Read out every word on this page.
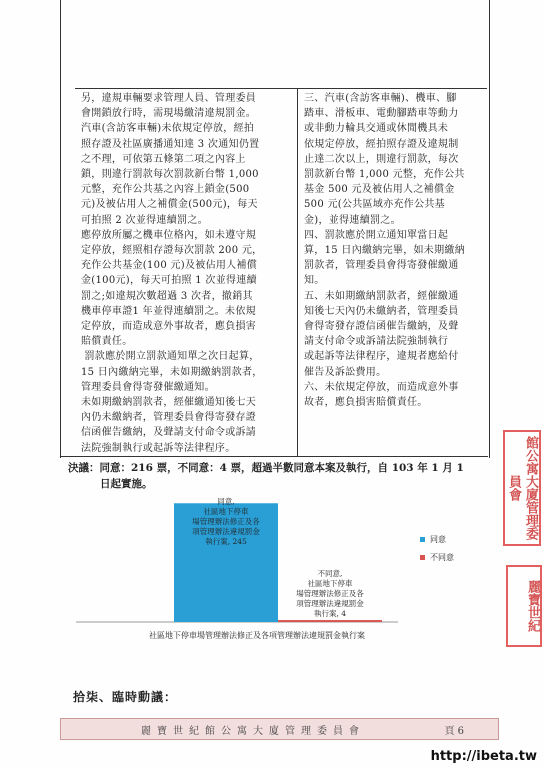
另，違規車輛要求管理人員、管理委員
會開鎖放行時，需現場繳清違規罰金。
汽車(含訪客車輛)未依規定停放，經拍
照存證及社區廣播通知達 3 次通知仍置
之不理，可依第五條第二項之內容上
鎖，則違行罰款每次罰款新台幣 1,000
元整，充作公共基之內容上鎖金(500
元)及被佔用人之補償金(500元)，每天
可拍照 2 次並得連續罰之。
應停放所屬之機車位格內，如未遵守規
定停放，經照相存證每次罰款 200 元，
充作公共基金(100 元)及被佔用人補償
金(100元)，每天可拍照 1 次並得連續
罰之;如違規次數超過 3 次者，撤銷其
機車停車證1 年並得連續罰之。未依規
定停放，而造成意外事故者，應負損害
賠償責任。
罰款應於開立罰款通知單之次日起算，
15 日內繳納完畢，未如期繳納罰款者，
管理委員會得寄發催繳通知。
未如期繳納罰款者，經催繳通知後七天
內仍未繳納者，管理委員會得寄發存證
信函催告繳納，及聲請支付命令或訴請
法院強制執行或起訴等法律程序。
三、汽車(含訪客車輛)、機車、腳
踏車、滑板車、電動腳踏車等動力
或非動力輪具交通或休閒機具未
依規定停放，經拍照存證及違規制
止達二次以上，則違行罰款，每次
罰款新台幣 1,000 元整，充作公共
基金 500 元及被佔用人之補償金
500 元(公共區域亦充作公共基
金)，並得連續罰之。
四、罰款應於開立通知單當日起
算，15 日內繳納完畢，如未期繳納
罰款者，管理委員會得寄發催繳通
知。
五、未如期繳納罰款者，經催繳通
知後七天內仍未繳納者，管理委員
會得寄發存證信函催告繳納，及聲
請支付命令或訴請法院強制執行
或起訴等法律程序，違規者應給付
催告及訴訟費用。
六、未依規定停放，而造成意外事
故者，應負損害賠償責任。
決議：同意：216 票，不同意：4 票，超過半數同意本案及執行，自 103 年 1 月 1
日起實施。
同意,
社區地下停車
場管理辦法修正及各
項管理辦法違規罰金
執行案, 245
不同意,
社區地下停車
場管理辦法修正及各
項管理辦法違規罰金
執行案, 4
社區地下停車場管理辦法修正及各項管理辦法違規罰金執行案
同意
不同意
拾柒、臨時動議：
麗寶世紀館公寓大廈管理委員會	頁 6
館公寓大廈管理委員會
麗寶世紀
http://ibeta.tw
